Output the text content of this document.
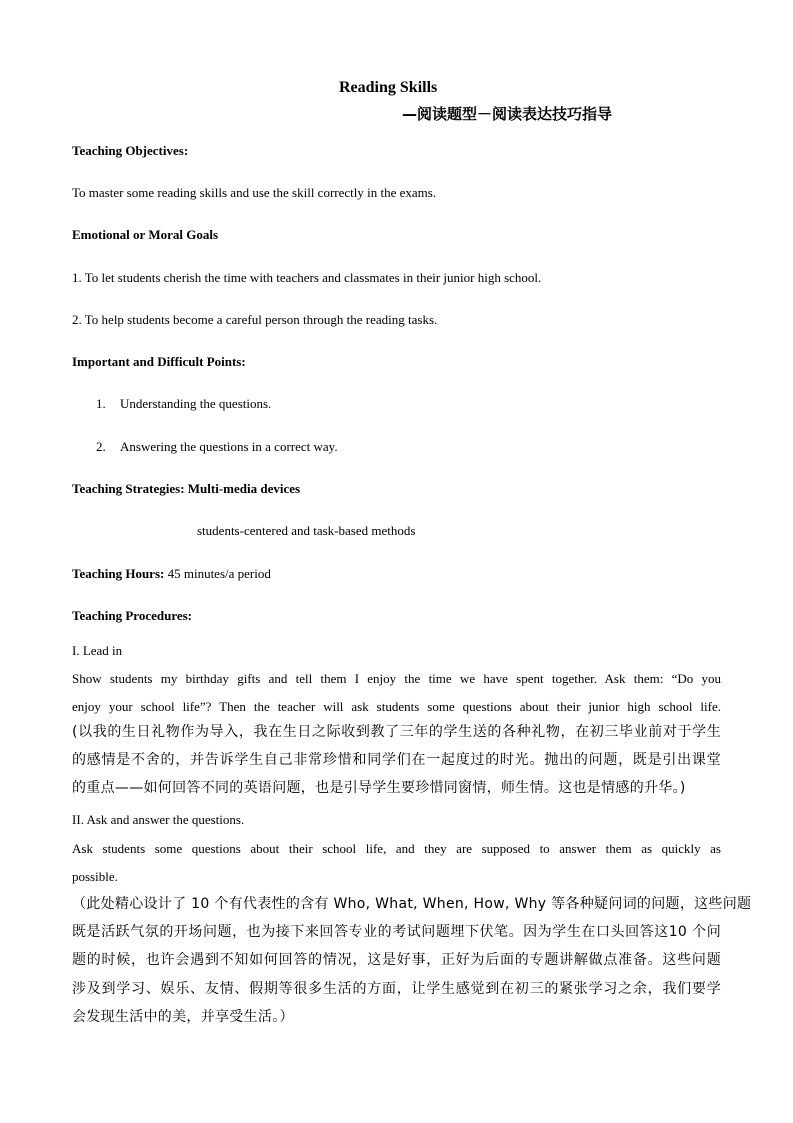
Reading Skills
—阅读题型－阅读表达技巧指导
Teaching Objectives:
To master some reading skills and use the skill correctly in the exams.
Emotional or Moral Goals
1. To let students cherish the time with teachers and classmates in their junior high school.
2. To help students become a careful person through the reading tasks.
Important and Difficult Points:
1. Understanding the questions.
2. Answering the questions in a correct way.
Teaching Strategies: Multi-media devices
students-centered and task-based methods
Teaching Hours: 45 minutes/a period
Teaching Procedures:
I. Lead in
Show students my birthday gifts and tell them I enjoy the time we have spent together. Ask them: “Do you
enjoy your school life”? Then the teacher will ask students some questions about their junior high school life.
(以我的生日礼物作为导入，我在生日之际收到教了三年的学生送的各种礼物，在初三毕业前对于学生
的感情是不舍的，并告诉学生自己非常珍惜和同学们在一起度过的时光。抛出的问题，既是引出课堂
的重点——如何回答不同的英语问题，也是引导学生要珍惜同窗情，师生情。这也是情感的升华。)
II. Ask and answer the questions.
Ask students some questions about their school life, and they are supposed to answer them as quickly as
possible.
（此处精心设计了 10 个有代表性的含有 Who, What, When, How, Why 等各种疑问词的问题，这些问题
既是活跃气氛的开场问题，也为接下来回答专业的考试问题埋下伏笔。因为学生在口头回答这10 个问
题的时候，也许会遇到不知如何回答的情况，这是好事，正好为后面的专题讲解做点准备。这些问题
涉及到学习、娱乐、友情、假期等很多生活的方面，让学生感觉到在初三的紧张学习之余，我们要学
会发现生活中的美，并享受生活。）
